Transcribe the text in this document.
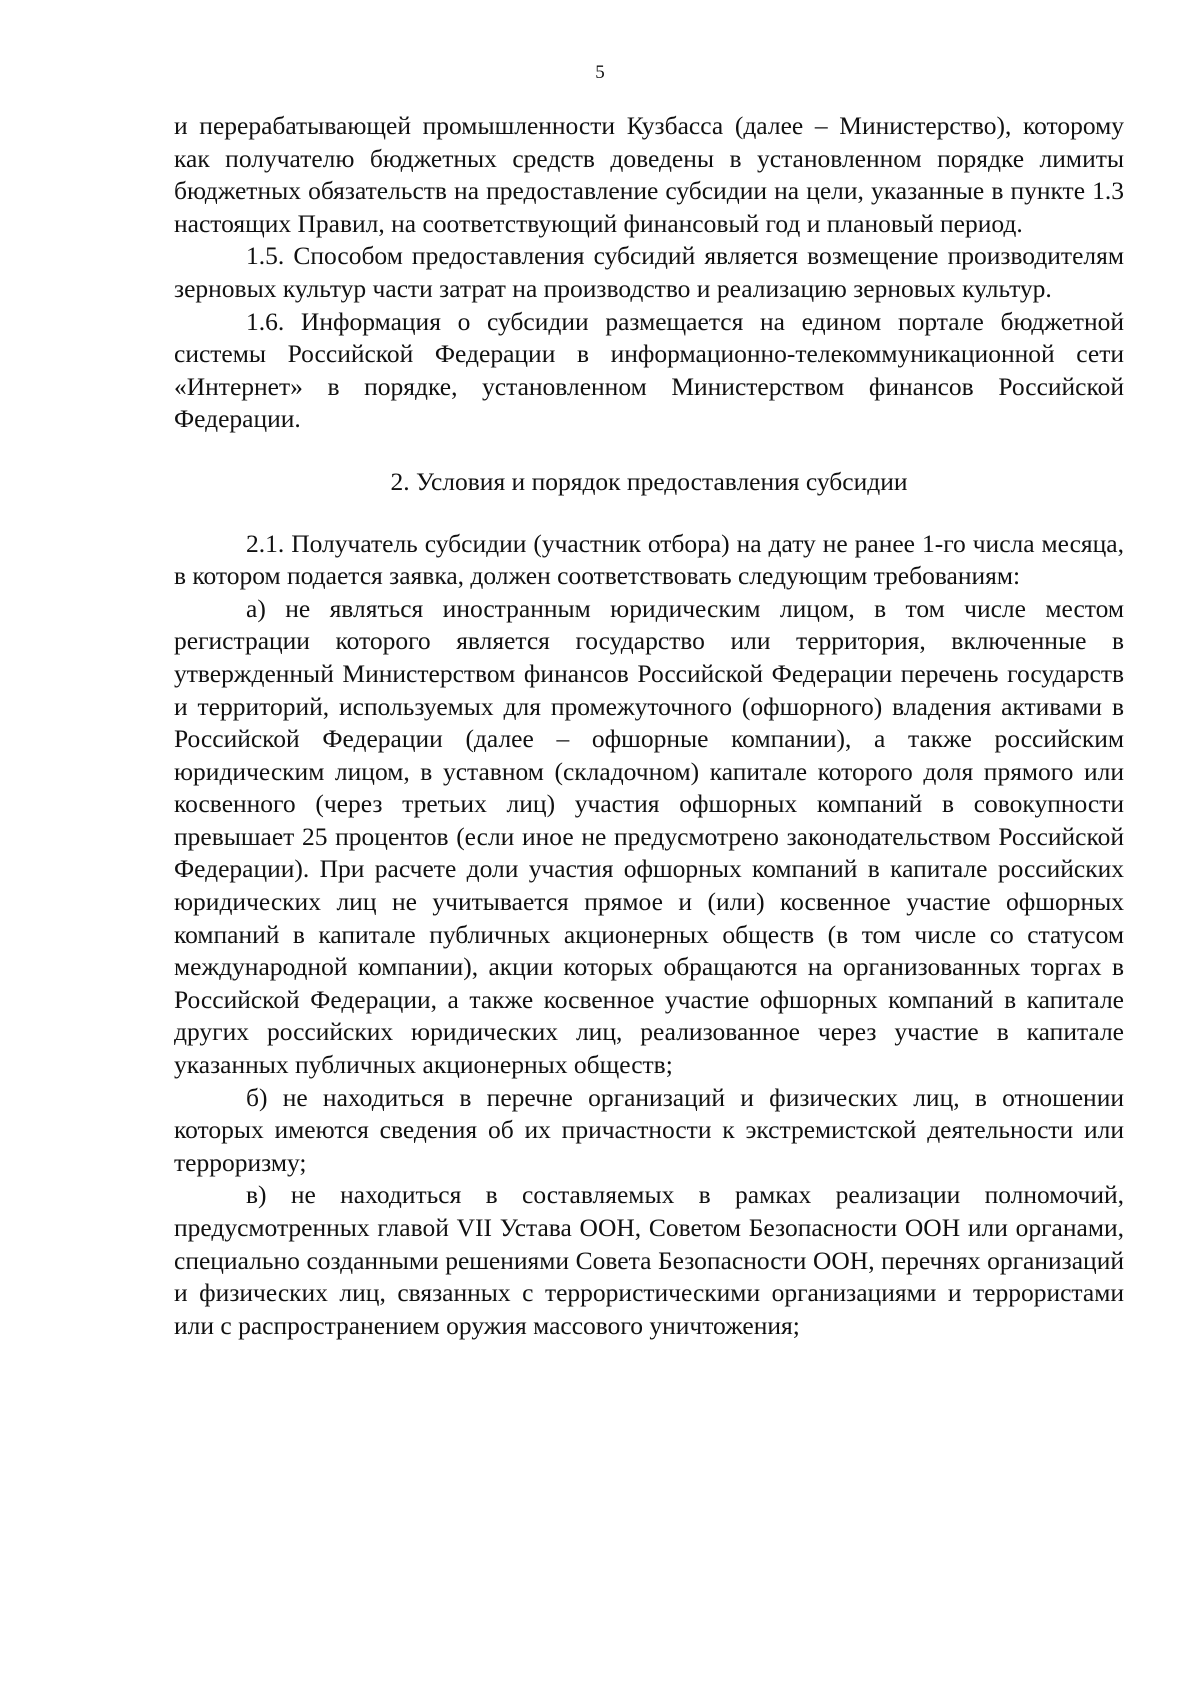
5

и перерабатывающей промышленности Кузбасса (далее – Министерство), которому как получателю бюджетных средств доведены в установленном порядке лимиты бюджетных обязательств на предоставление субсидии на цели, указанные в пункте 1.3 настоящих Правил, на соответствующий финансовый год и плановый период.

1.5. Способом предоставления субсидий является возмещение производителям зерновых культур части затрат на производство и реализацию зерновых культур.

1.6. Информация о субсидии размещается на едином портале бюджетной системы Российской Федерации в информационно-телекоммуникационной сети «Интернет» в порядке, установленном Министерством финансов Российской Федерации.

2. Условия и порядок предоставления субсидии

2.1. Получатель субсидии (участник отбора) на дату не ранее 1-го числа месяца, в котором подается заявка, должен соответствовать следующим требованиям:

а) не являться иностранным юридическим лицом, в том числе местом регистрации которого является государство или территория, включенные в утвержденный Министерством финансов Российской Федерации перечень государств и территорий, используемых для промежуточного (офшорного) владения активами в Российской Федерации (далее – офшорные компании), а также российским юридическим лицом, в уставном (складочном) капитале которого доля прямого или косвенного (через третьих лиц) участия офшорных компаний в совокупности превышает 25 процентов (если иное не предусмотрено законодательством Российской Федерации). При расчете доли участия офшорных компаний в капитале российских юридических лиц не учитывается прямое и (или) косвенное участие офшорных компаний в капитале публичных акционерных обществ (в том числе со статусом международной компании), акции которых обращаются на организованных торгах в Российской Федерации, а также косвенное участие офшорных компаний в капитале других российских юридических лиц, реализованное через участие в капитале указанных публичных акционерных обществ;

б) не находиться в перечне организаций и физических лиц, в отношении которых имеются сведения об их причастности к экстремистской деятельности или терроризму;

в) не находиться в составляемых в рамках реализации полномочий, предусмотренных главой VII Устава ООН, Советом Безопасности ООН или органами, специально созданными решениями Совета Безопасности ООН, перечнях организаций и физических лиц, связанных с террористическими организациями и террористами или с распространением оружия массового уничтожения;
